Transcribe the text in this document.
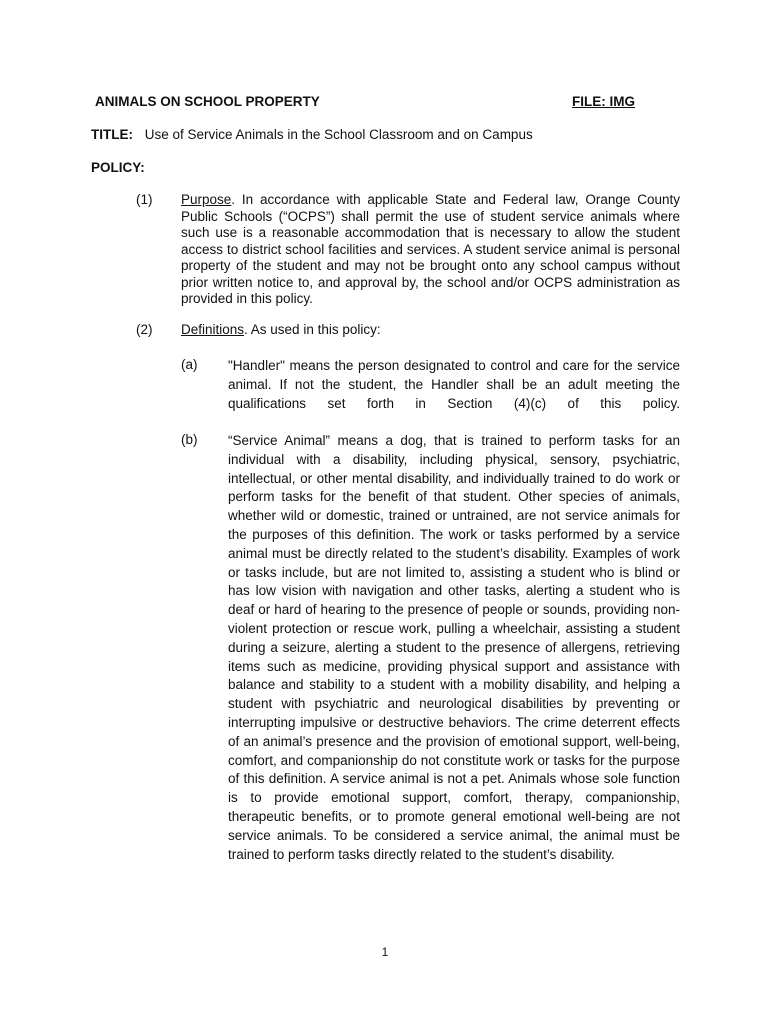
ANIMALS ON SCHOOL PROPERTY	FILE: IMG
TITLE: Use of Service Animals in the School Classroom and on Campus
POLICY:
(1) Purpose. In accordance with applicable State and Federal law, Orange County Public Schools (“OCPS”) shall permit the use of student service animals where such use is a reasonable accommodation that is necessary to allow the student access to district school facilities and services. A student service animal is personal property of the student and may not be brought onto any school campus without prior written notice to, and approval by, the school and/or OCPS administration as provided in this policy.
(2) Definitions. As used in this policy:
(a) "Handler" means the person designated to control and care for the service animal. If not the student, the Handler shall be an adult meeting the qualifications set forth in Section (4)(c) of this policy.
(b) “Service Animal” means a dog, that is trained to perform tasks for an individual with a disability, including physical, sensory, psychiatric, intellectual, or other mental disability, and individually trained to do work or perform tasks for the benefit of that student. Other species of animals, whether wild or domestic, trained or untrained, are not service animals for the purposes of this definition. The work or tasks performed by a service animal must be directly related to the student’s disability. Examples of work or tasks include, but are not limited to, assisting a student who is blind or has low vision with navigation and other tasks, alerting a student who is deaf or hard of hearing to the presence of people or sounds, providing non-violent protection or rescue work, pulling a wheelchair, assisting a student during a seizure, alerting a student to the presence of allergens, retrieving items such as medicine, providing physical support and assistance with balance and stability to a student with a mobility disability, and helping a student with psychiatric and neurological disabilities by preventing or interrupting impulsive or destructive behaviors. The crime deterrent effects of an animal’s presence and the provision of emotional support, well-being, comfort, and companionship do not constitute work or tasks for the purpose of this definition. A service animal is not a pet. Animals whose sole function is to provide emotional support, comfort, therapy, companionship, therapeutic benefits, or to promote general emotional well-being are not service animals. To be considered a service animal, the animal must be trained to perform tasks directly related to the student’s disability.
1
